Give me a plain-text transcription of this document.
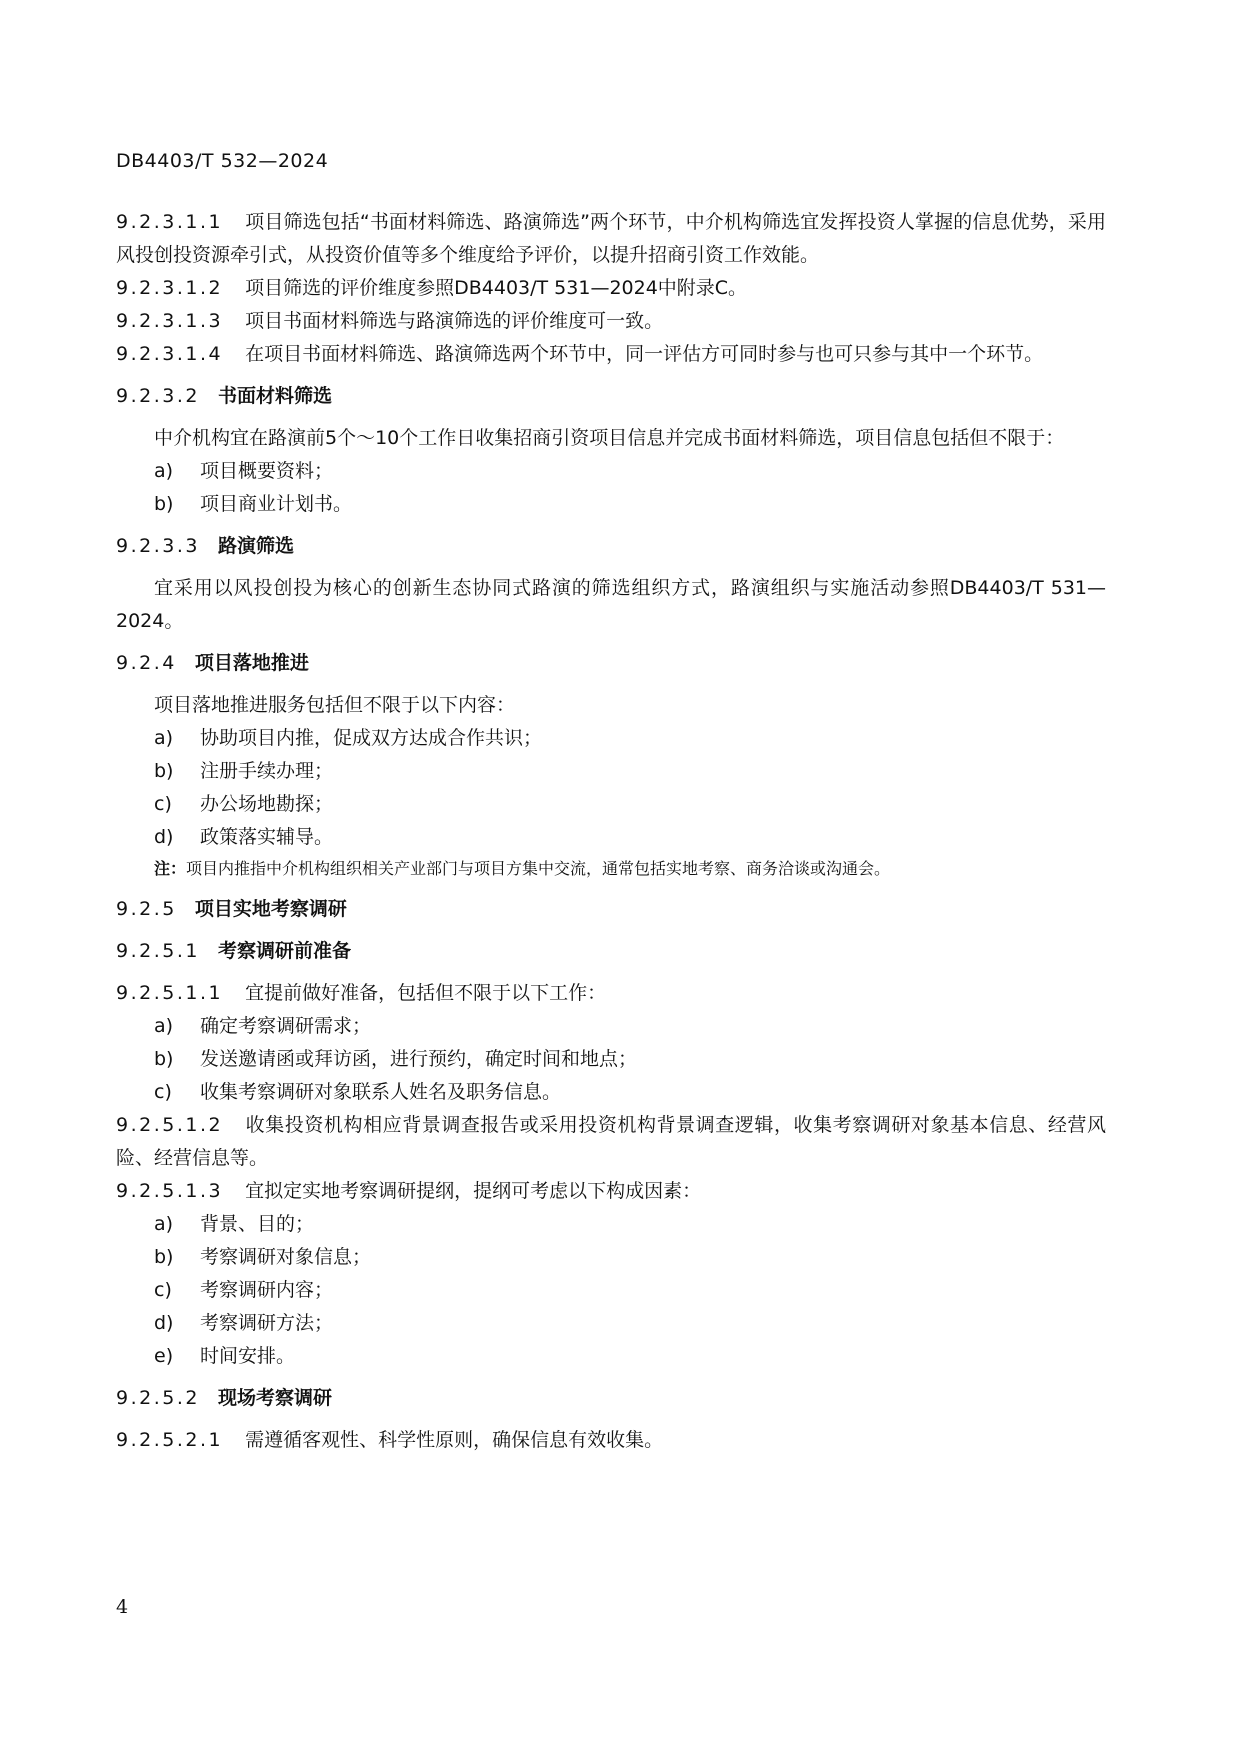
DB4403/T 532—2024

9.2.3.1.1 项目筛选包括“书面材料筛选、路演筛选”两个环节，中介机构筛选宜发挥投资人掌握的信息优势，采用风投创投资源牵引式，从投资价值等多个维度给予评价，以提升招商引资工作效能。

9.2.3.1.2 项目筛选的评价维度参照DB4403/T 531—2024中附录C。

9.2.3.1.3 项目书面材料筛选与路演筛选的评价维度可一致。

9.2.3.1.4 在项目书面材料筛选、路演筛选两个环节中，同一评估方可同时参与也可只参与其中一个环节。

9.2.3.2 书面材料筛选

中介机构宜在路演前5个～10个工作日收集招商引资项目信息并完成书面材料筛选，项目信息包括但不限于：

a) 项目概要资料；

b) 项目商业计划书。

9.2.3.3 路演筛选

宜采用以风投创投为核心的创新生态协同式路演的筛选组织方式，路演组织与实施活动参照DB4403/T 531—2024。

9.2.4 项目落地推进

项目落地推进服务包括但不限于以下内容：

a) 协助项目内推，促成双方达成合作共识；

b) 注册手续办理；

c) 办公场地勘探；

d) 政策落实辅导。

注：项目内推指中介机构组织相关产业部门与项目方集中交流，通常包括实地考察、商务洽谈或沟通会。

9.2.5 项目实地考察调研
9.2.5.1 考察调研前准备

9.2.5.1.1 宜提前做好准备，包括但不限于以下工作：

a) 确定考察调研需求；

b) 发送邀请函或拜访函，进行预约，确定时间和地点；

c) 收集考察调研对象联系人姓名及职务信息。

9.2.5.1.2 收集投资机构相应背景调查报告或采用投资机构背景调查逻辑，收集考察调研对象基本信息、经营风险、经营信息等。

9.2.5.1.3 宜拟定实地考察调研提纲，提纲可考虑以下构成因素：

a) 背景、目的；

b) 考察调研对象信息；

c) 考察调研内容；

d) 考察调研方法；

e) 时间安排。

9.2.5.2 现场考察调研

9.2.5.2.1 需遵循客观性、科学性原则，确保信息有效收集。

4
